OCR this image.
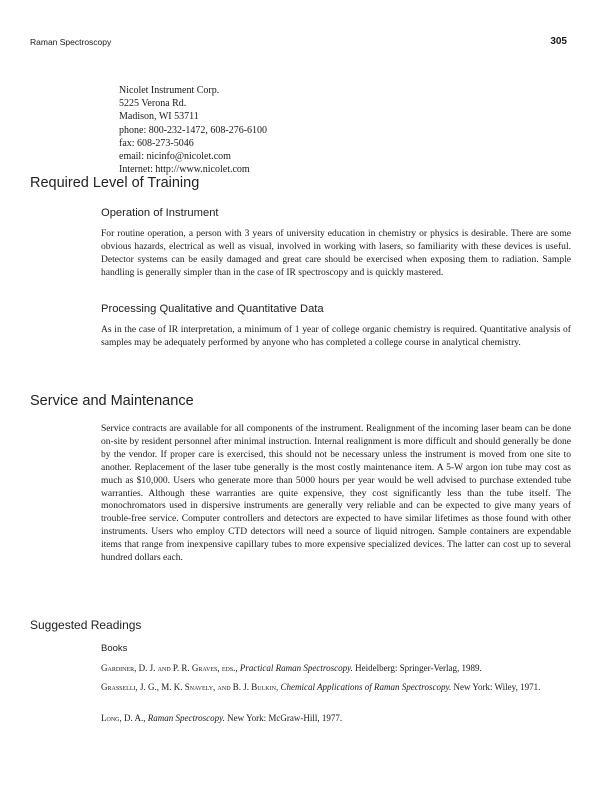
Raman Spectroscopy	305
Nicolet Instrument Corp.
5225 Verona Rd.
Madison, WI 53711
phone: 800-232-1472, 608-276-6100
fax: 608-273-5046
email: nicinfo@nicolet.com
Internet: http://www.nicolet.com
Required Level of Training
Operation of Instrument
For routine operation, a person with 3 years of university education in chemistry or physics is desirable. There are some obvious hazards, electrical as well as visual, involved in working with lasers, so familiarity with these devices is useful. Detector systems can be easily damaged and great care should be exercised when exposing them to radiation. Sample handling is generally simpler than in the case of IR spectroscopy and is quickly mastered.
Processing Qualitative and Quantitative Data
As in the case of IR interpretation, a minimum of 1 year of college organic chemistry is required. Quantitative analysis of samples may be adequately performed by anyone who has completed a college course in analytical chemistry.
Service and Maintenance
Service contracts are available for all components of the instrument. Realignment of the incoming laser beam can be done on-site by resident personnel after minimal instruction. Internal realignment is more difficult and should generally be done by the vendor. If proper care is exercised, this should not be necessary unless the instrument is moved from one site to another. Replacement of the laser tube generally is the most costly maintenance item. A 5-W argon ion tube may cost as much as $10,000. Users who generate more than 5000 hours per year would be well advised to purchase extended tube warranties. Although these warranties are quite expensive, they cost significantly less than the tube itself. The monochromators used in dispersive instruments are generally very reliable and can be expected to give many years of trouble-free service. Computer controllers and detectors are expected to have similar lifetimes as those found with other instruments. Users who employ CTD detectors will need a source of liquid nitrogen. Sample containers are expendable items that range from inexpensive capillary tubes to more expensive specialized devices. The latter can cost up to several hundred dollars each.
Suggested Readings
Books
Gardiner, D. J. and P. R. Graves, eds., Practical Raman Spectroscopy. Heidelberg: Springer-Verlag, 1989.
Grasselli, J. G., M. K. Snavely, and B. J. Bulkin, Chemical Applications of Raman Spectroscopy. New York: Wiley, 1971.
Long, D. A., Raman Spectroscopy. New York: McGraw-Hill, 1977.
